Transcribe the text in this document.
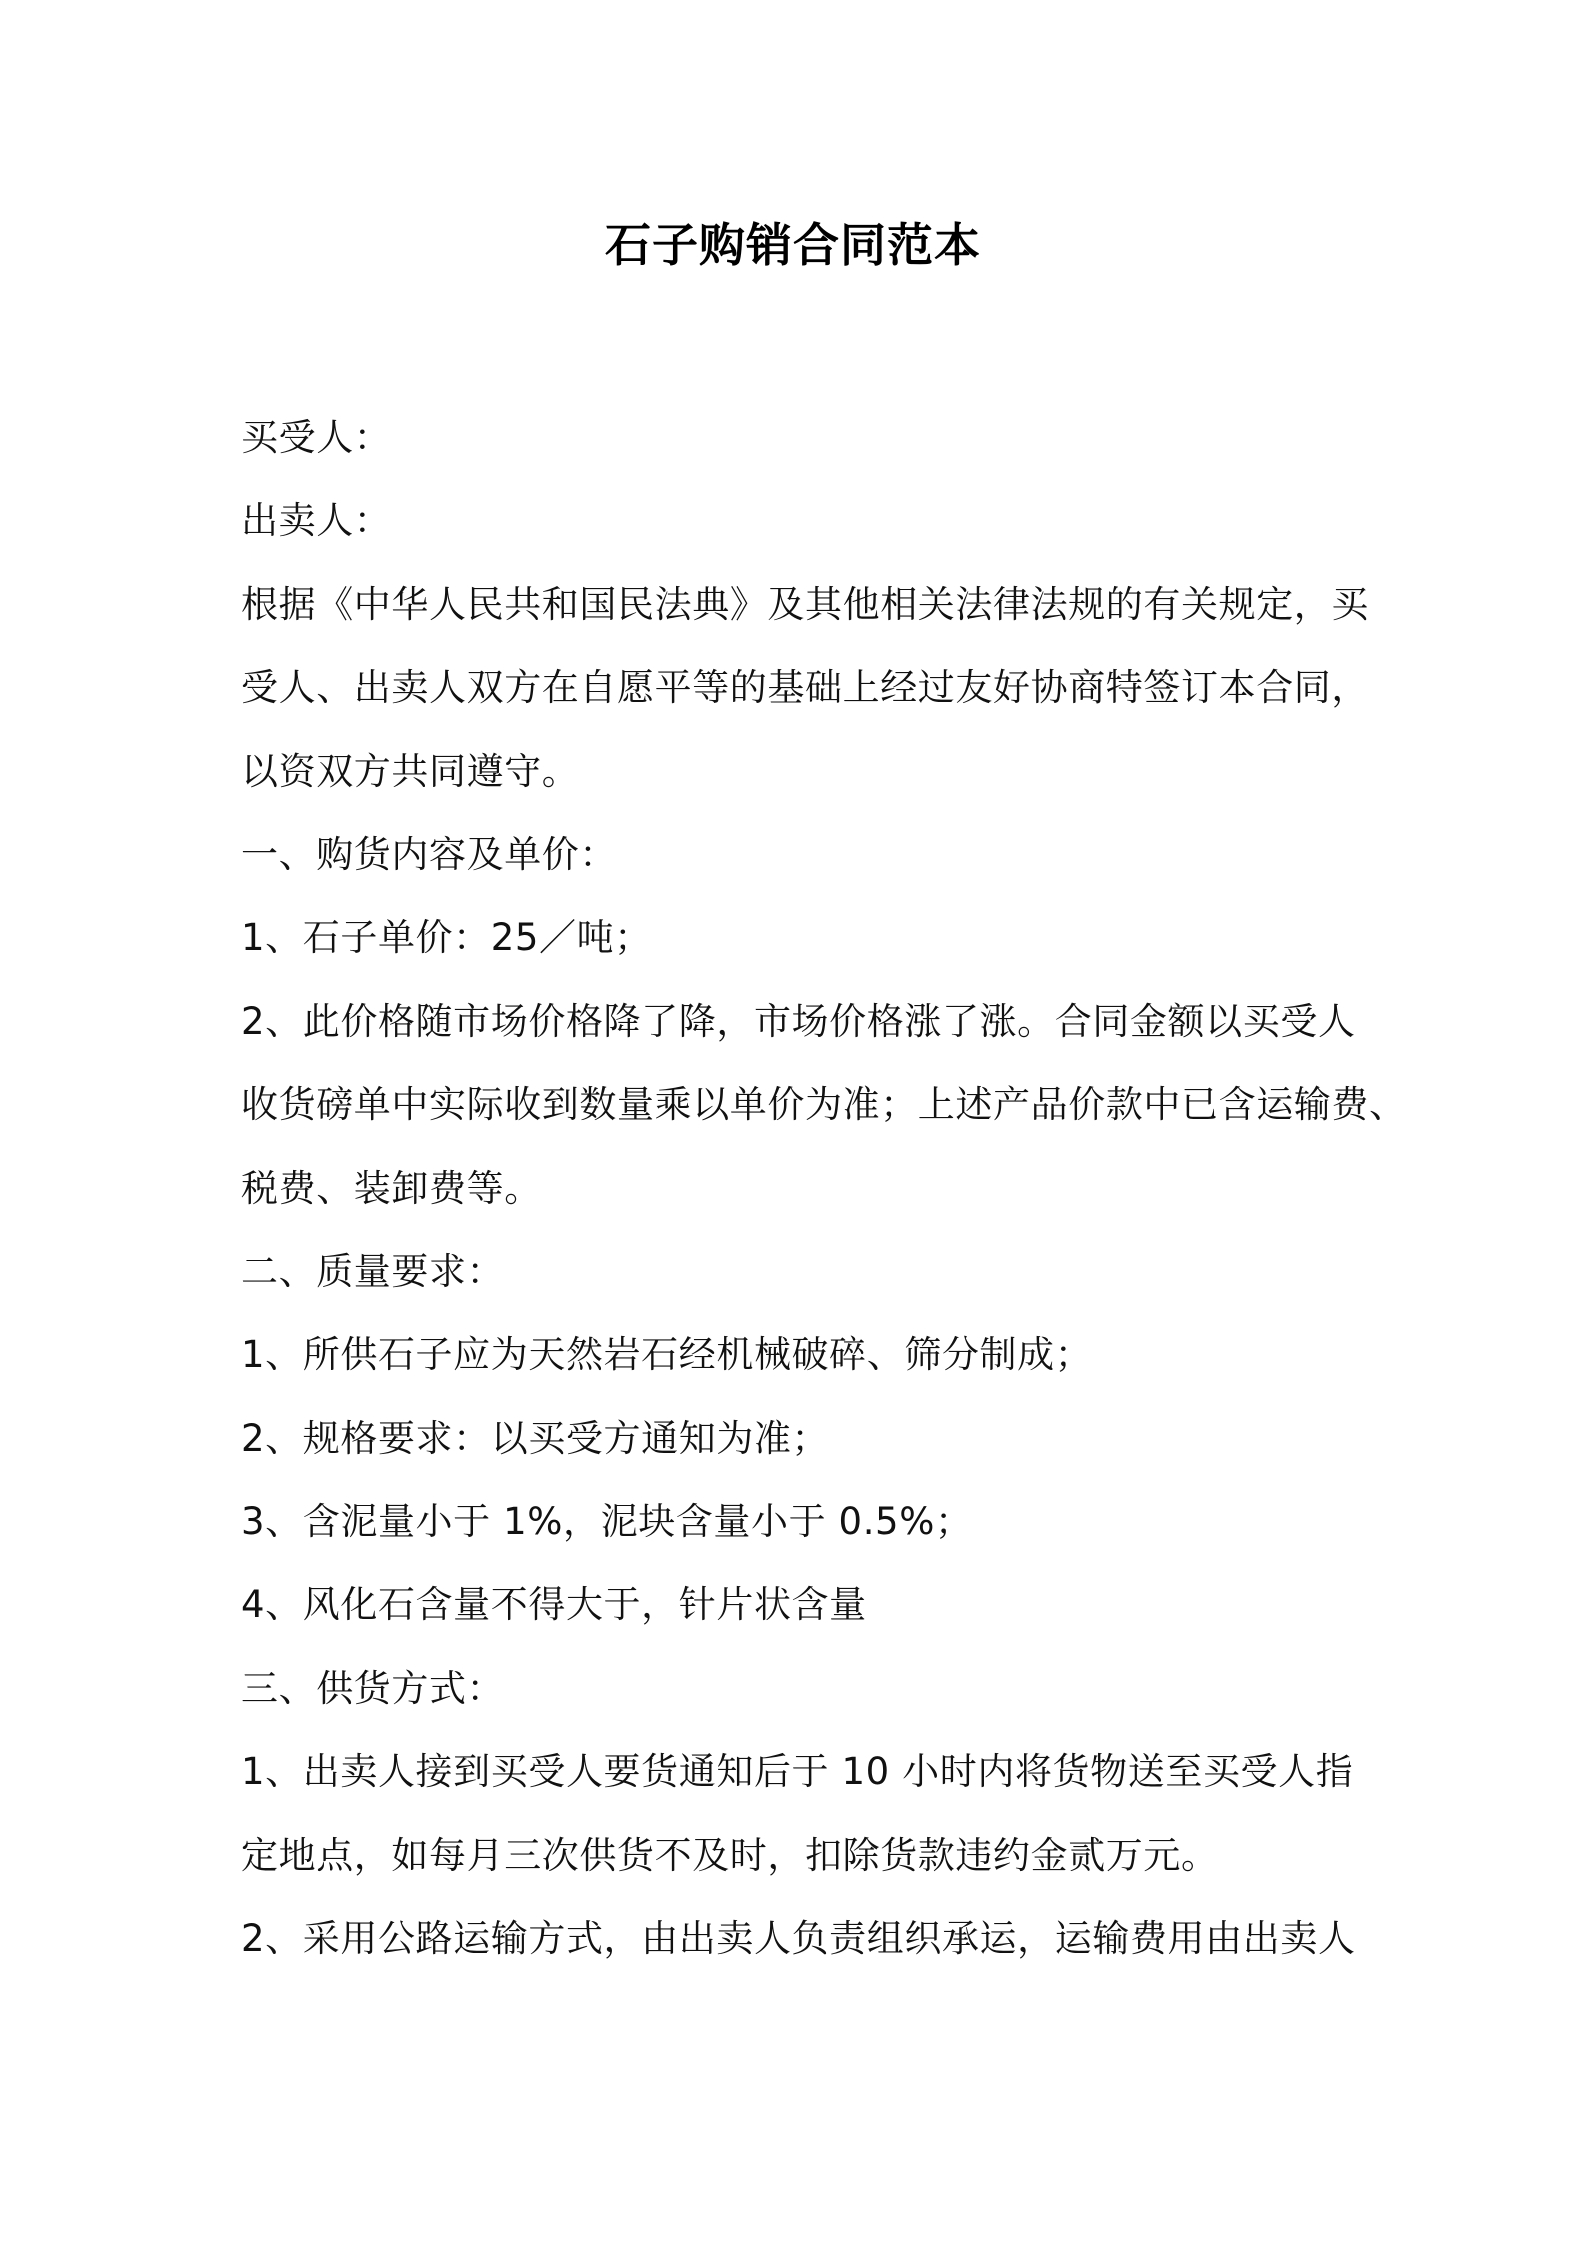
石子购销合同范本
买受人：
出卖人：
根据《中华人民共和国民法典》及其他相关法律法规的有关规定，买
受人、出卖人双方在自愿平等的基础上经过友好协商特签订本合同，
以资双方共同遵守。
一、购货内容及单价：
1、石子单价：25／吨；
2、此价格随市场价格降了降，市场价格涨了涨。合同金额以买受人
收货磅单中实际收到数量乘以单价为准；上述产品价款中已含运输费、
税费、装卸费等。
二、质量要求：
1、所供石子应为天然岩石经机械破碎、筛分制成；
2、规格要求：以买受方通知为准；
3、含泥量小于 1%，泥块含量小于 0.5%；
4、风化石含量不得大于，针片状含量
三、供货方式：
1、出卖人接到买受人要货通知后于 10 小时内将货物送至买受人指
定地点，如每月三次供货不及时，扣除货款违约金贰万元。
2、采用公路运输方式，由出卖人负责组织承运，运输费用由出卖人
